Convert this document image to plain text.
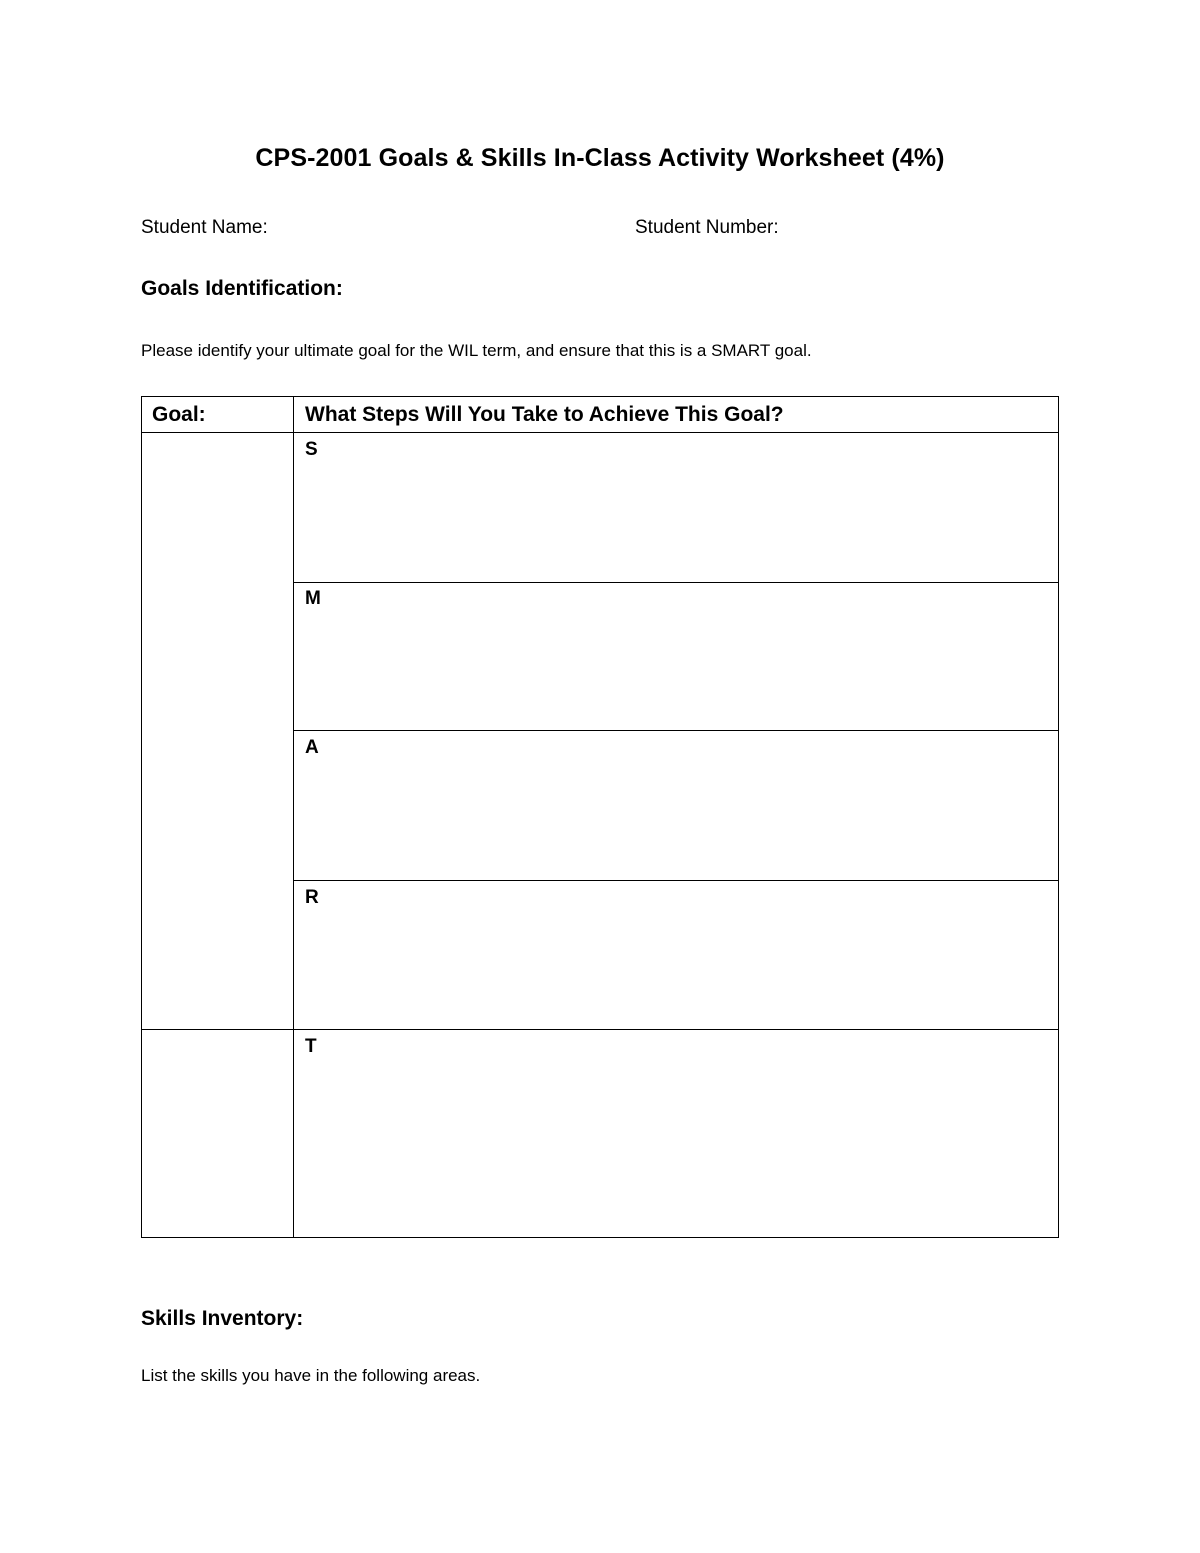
CPS-2001 Goals & Skills In-Class Activity Worksheet (4%)
Student Name:	Student Number:
Goals Identification:
Please identify your ultimate goal for the WIL term, and ensure that this is a SMART goal.
Goal:	What Steps Will You Take to Achieve This Goal?
S
M
A
R
T
Skills Inventory:
List the skills you have in the following areas.
